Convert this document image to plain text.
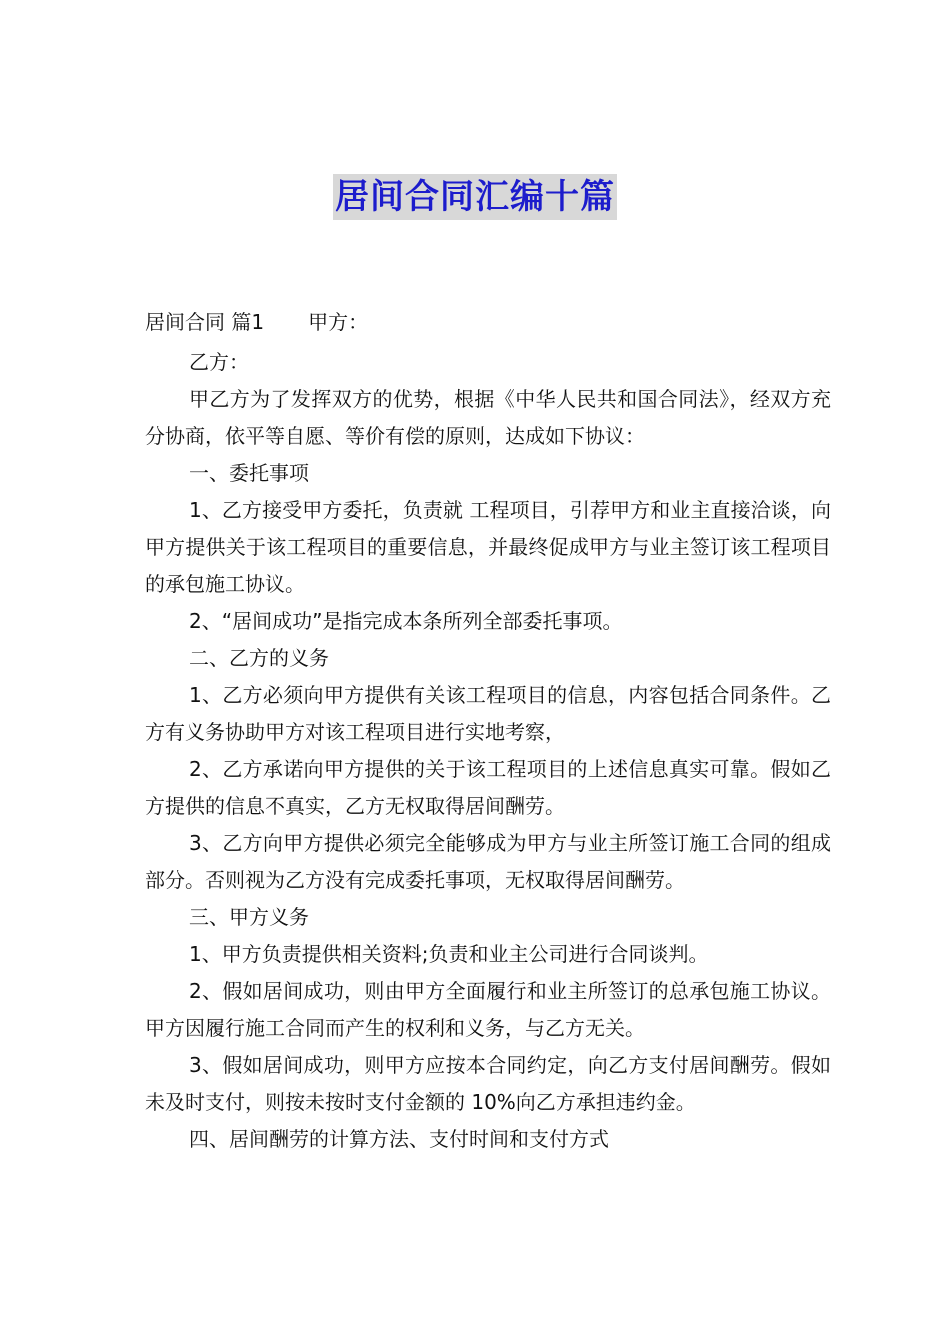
居间合同汇编十篇

居间合同 篇1 甲方：

乙方：

甲乙方为了发挥双方的优势，根据《中华人民共和国合同法》，经双方充分协商，依平等自愿、等价有偿的原则，达成如下协议：

一、委托事项

1、乙方接受甲方委托，负责就 工程项目，引荐甲方和业主直接洽谈，向甲方提供关于该工程项目的重要信息，并最终促成甲方与业主签订该工程项目的承包施工协议。

2、“居间成功”是指完成本条所列全部委托事项。

二、乙方的义务

1、乙方必须向甲方提供有关该工程项目的信息，内容包括合同条件。乙方有义务协助甲方对该工程项目进行实地考察，

2、乙方承诺向甲方提供的关于该工程项目的上述信息真实可靠。假如乙方提供的信息不真实，乙方无权取得居间酬劳。

3、乙方向甲方提供必须完全能够成为甲方与业主所签订施工合同的组成部分。否则视为乙方没有完成委托事项，无权取得居间酬劳。

三、甲方义务

1、甲方负责提供相关资料;负责和业主公司进行合同谈判。

2、假如居间成功，则由甲方全面履行和业主所签订的总承包施工协议。甲方因履行施工合同而产生的权利和义务，与乙方无关。

3、假如居间成功，则甲方应按本合同约定，向乙方支付居间酬劳。假如未及时支付，则按未按时支付金额的 10%向乙方承担违约金。

四、居间酬劳的计算方法、支付时间和支付方式
